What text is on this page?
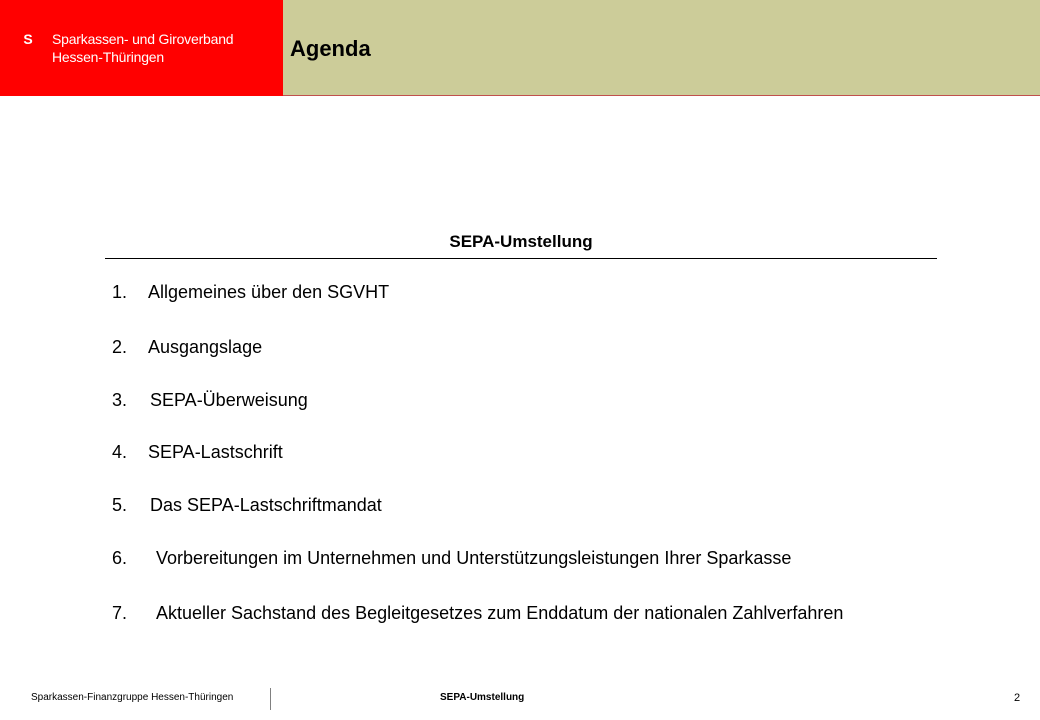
S Sparkassen- und Giroverband
Hessen-Thüringen	Agenda
SEPA-Umstellung
1. Allgemeines über den SGVHT
2. Ausgangslage
3. SEPA-Überweisung
4. SEPA-Lastschrift
5. Das SEPA-Lastschriftmandat
6. Vorbereitungen im Unternehmen und Unterstützungsleistungen Ihrer Sparkasse
7. Aktueller Sachstand des Begleitgesetzes zum Enddatum der nationalen Zahlverfahren
Sparkassen-Finanzgruppe Hessen-Thüringen	SEPA-Umstellung	2
